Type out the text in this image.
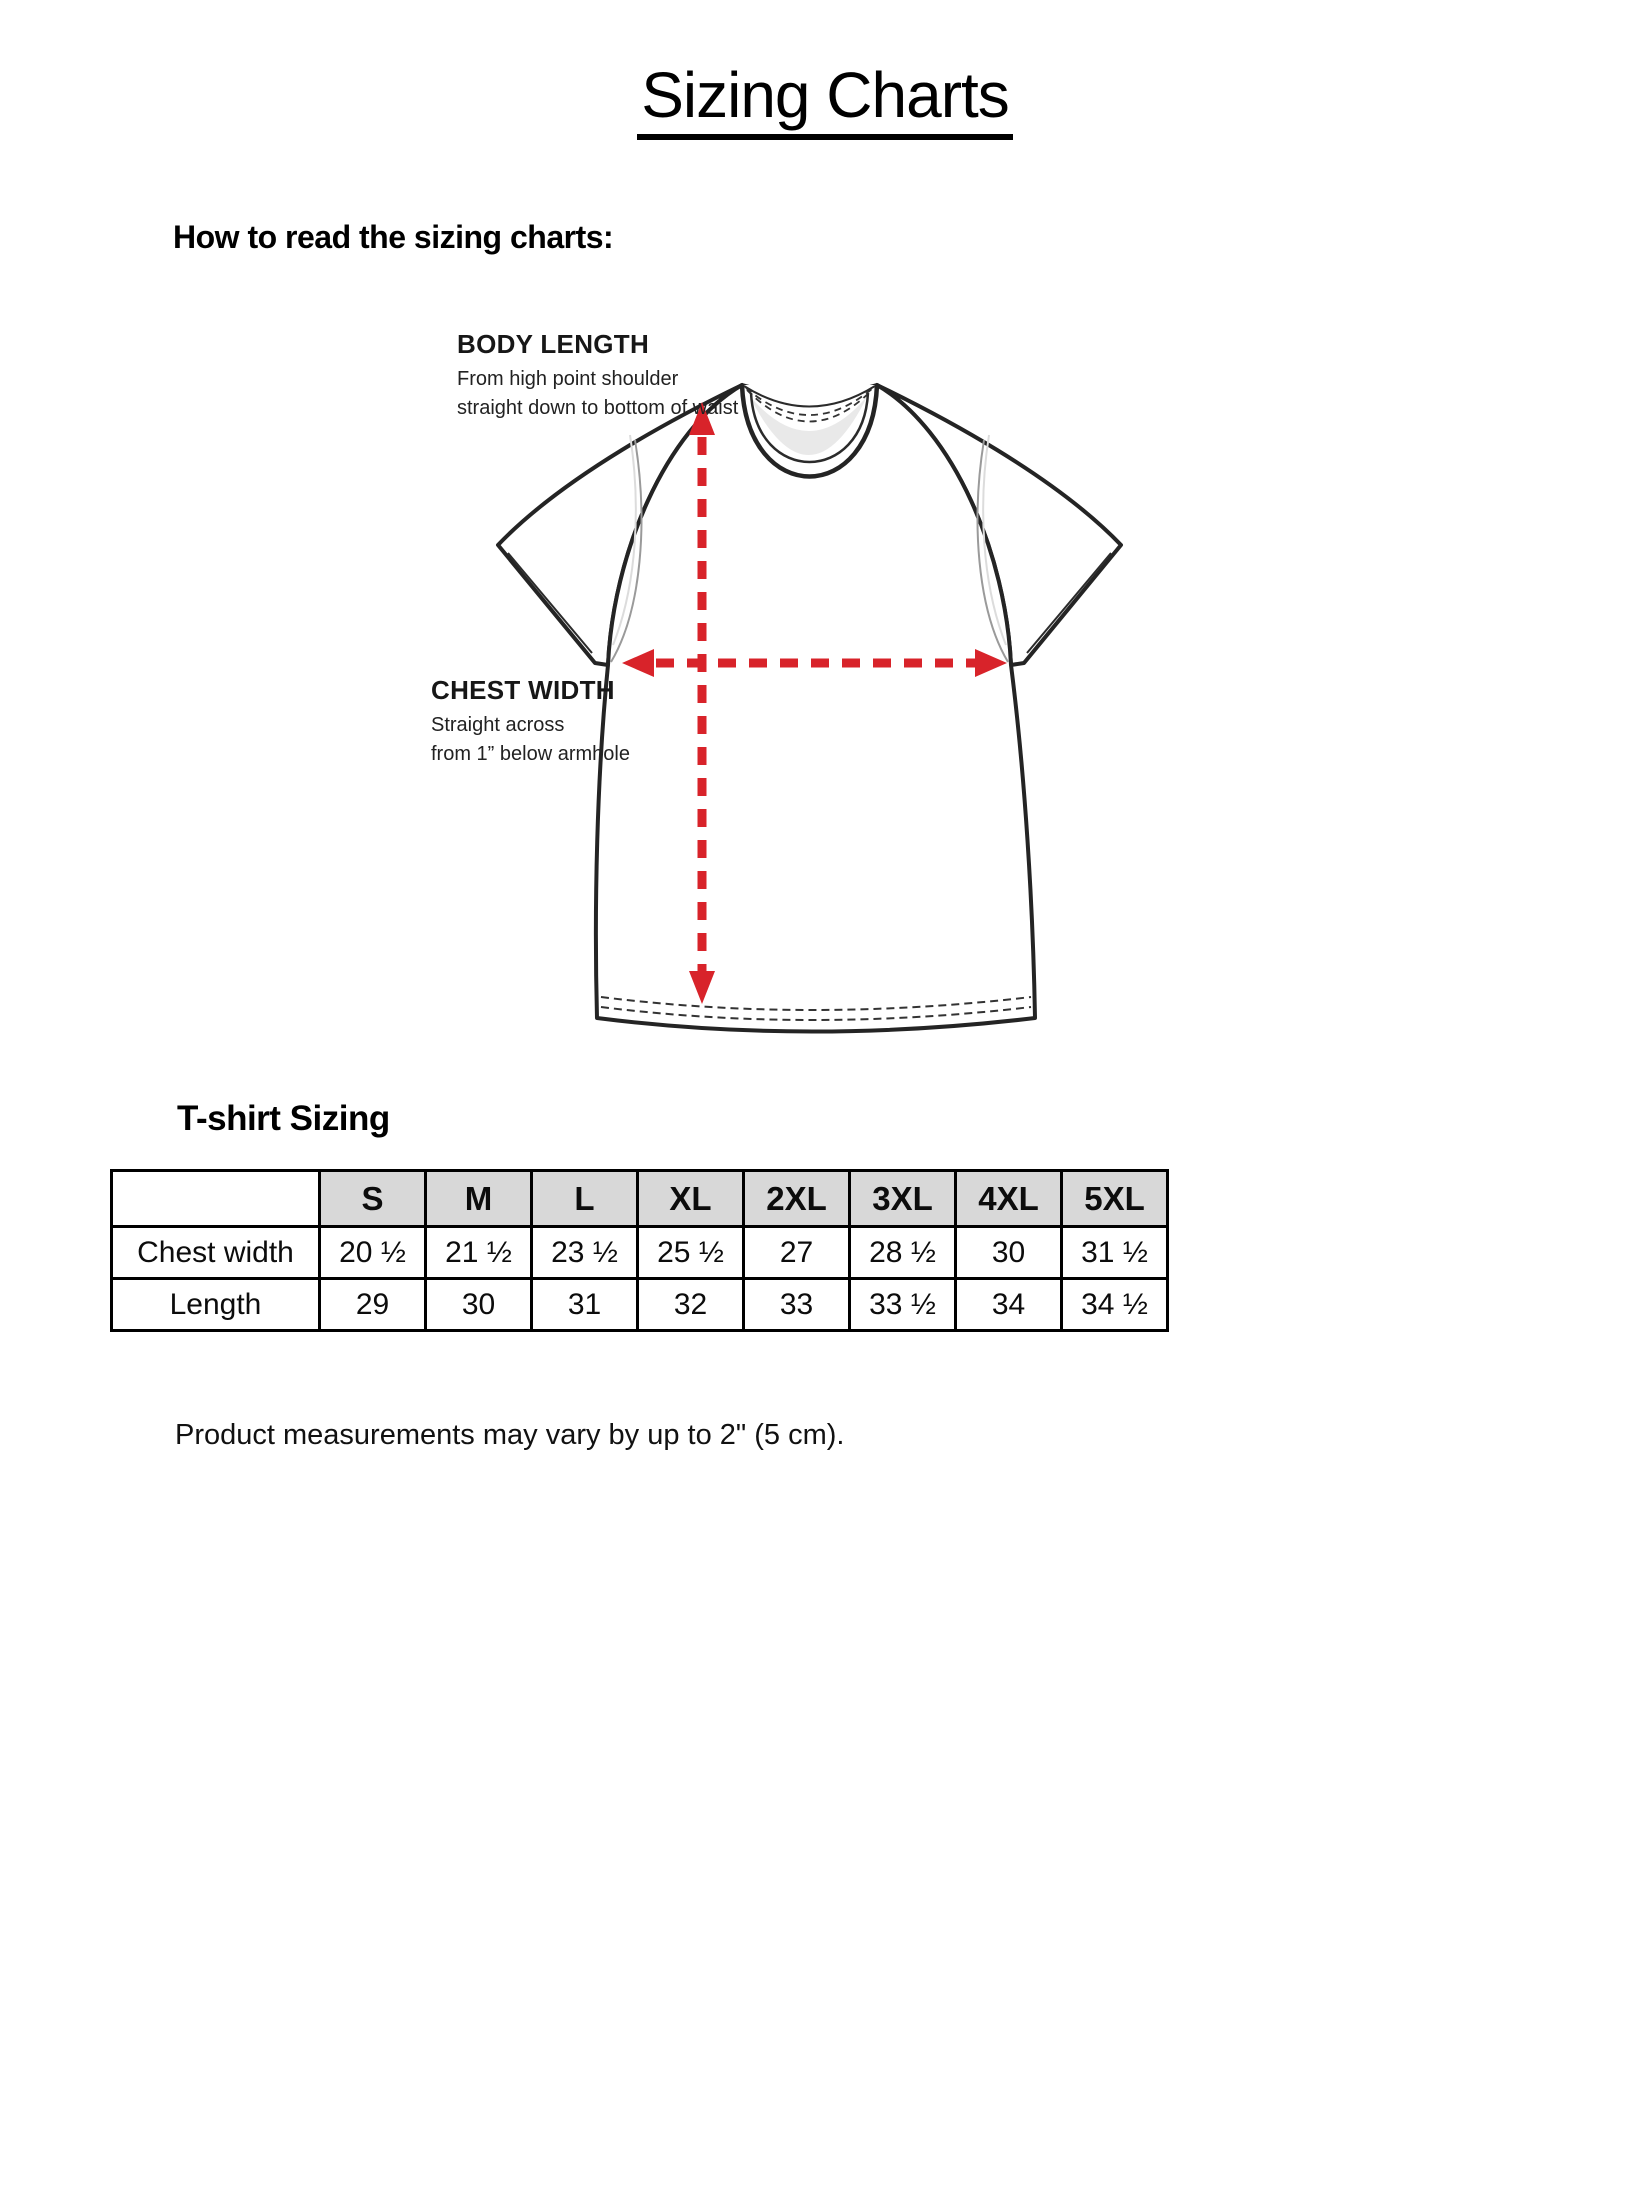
Sizing Charts
How to read the sizing charts:
BODY LENGTH

From high point shoulder

straight down to bottom of waist

CHEST WIDTH

Straight across

from 1” below armhole

T-shirt Sizing
	S	M	L	XL	2XL	3XL	4XL	5XL
Chest width	20 ½	21 ½	23 ½	25 ½	27	28 ½	30	31 ½
Length	29	30	31	32	33	33 ½	34	34 ½
Product measurements may vary by up to 2" (5 cm).
